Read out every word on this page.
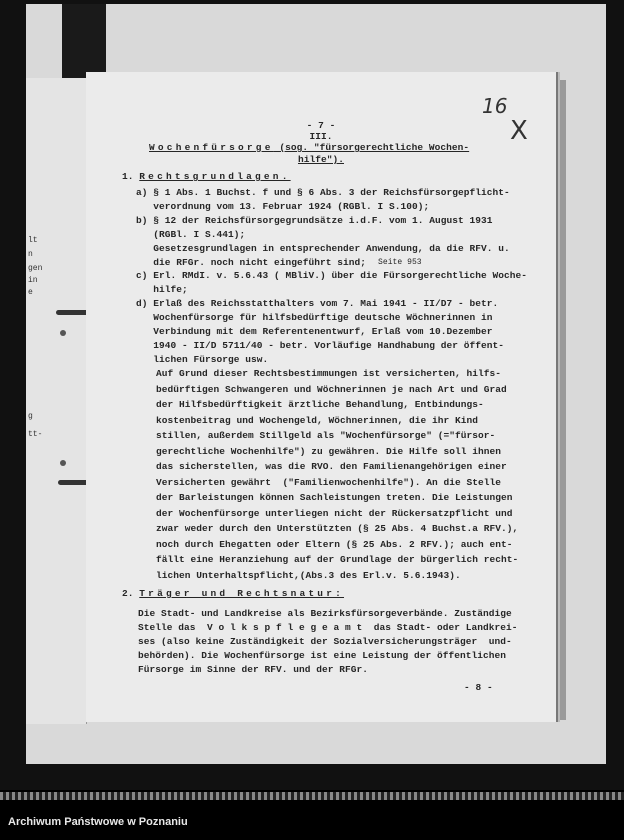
lt
n
gen
in
e
g
tt-
16
X
- 7 -
III.
Wochenfürsorge (sog. "fürsorgerechtliche Wochen-
hilfe").
1. Rechtsgrundlagen.
Seite 953
2. Träger und Rechtsnatur:
- 8 -
a) § 1 Abs. 1 Buchst. f und § 6 Abs. 3 der Reichsfürsorgepflicht-
verordnung vom 13. Februar 1924 (RGBl. I S.100);
b) § 12 der Reichsfürsorgegrundsätze i.d.F. vom 1. August 1931
(RGBl. I S.441);
Gesetzesgrundlagen in entsprechender Anwendung, da die RFV. u.
die RFGr. noch nicht eingeführt sind;
c) Erl. RMdI. v. 5.6.43 ( MBliV.) über die Fürsorgerechtliche Woche-
hilfe;
d) Erlaß des Reichsstatthalters vom 7. Mai 1941 - II/D7 - betr.
Wochenfürsorge für hilfsbedürftige deutsche Wöchnerinnen in
Verbindung mit dem Referentenentwurf, Erlaß vom 10.Dezember
1940 - II/D 5711/40 - betr. Vorläufige Handhabung der öffent-
lichen Fürsorge usw.
Auf Grund dieser Rechtsbestimmungen ist versicherten, hilfs-
bedürftigen Schwangeren und Wöchnerinnen je nach Art und Grad
der Hilfsbedürftigkeit ärztliche Behandlung, Entbindungs-
kostenbeitrag und Wochengeld, Wöchnerinnen, die ihr Kind
stillen, außerdem Stillgeld als "Wochenfürsorge" (="fürsor-
gerechtliche Wochenhilfe") zu gewähren. Die Hilfe soll ihnen
das sicherstellen, was die RVO. den Familienangehörigen einer
Versicherten gewährt  ("Familienwochenhilfe"). An die Stelle
der Barleistungen können Sachleistungen treten. Die Leistungen
der Wochenfürsorge unterliegen nicht der Rückersatzpflicht und
zwar weder durch den Unterstützten (§ 25 Abs. 4 Buchst.a RFV.),
noch durch Ehegatten oder Eltern (§ 25 Abs. 2 RFV.); auch ent-
fällt eine Heranziehung auf der Grundlage der bürgerlich recht-
lichen Unterhaltspflicht,(Abs.3 des Erl.v. 5.6.1943).
Die Stadt- und Landkreise als Bezirksfürsorgeverbände. Zuständige
Stelle das  V o l k s p f l e g e a m t  das Stadt- oder Landkrei-
ses (also keine Zuständigkeit der Sozialversicherungsträger  und-
behörden). Die Wochenfürsorge ist eine Leistung der öffentlichen
Fürsorge im Sinne der RFV. und der RFGr.
Archiwum Państwowe w Poznaniu
